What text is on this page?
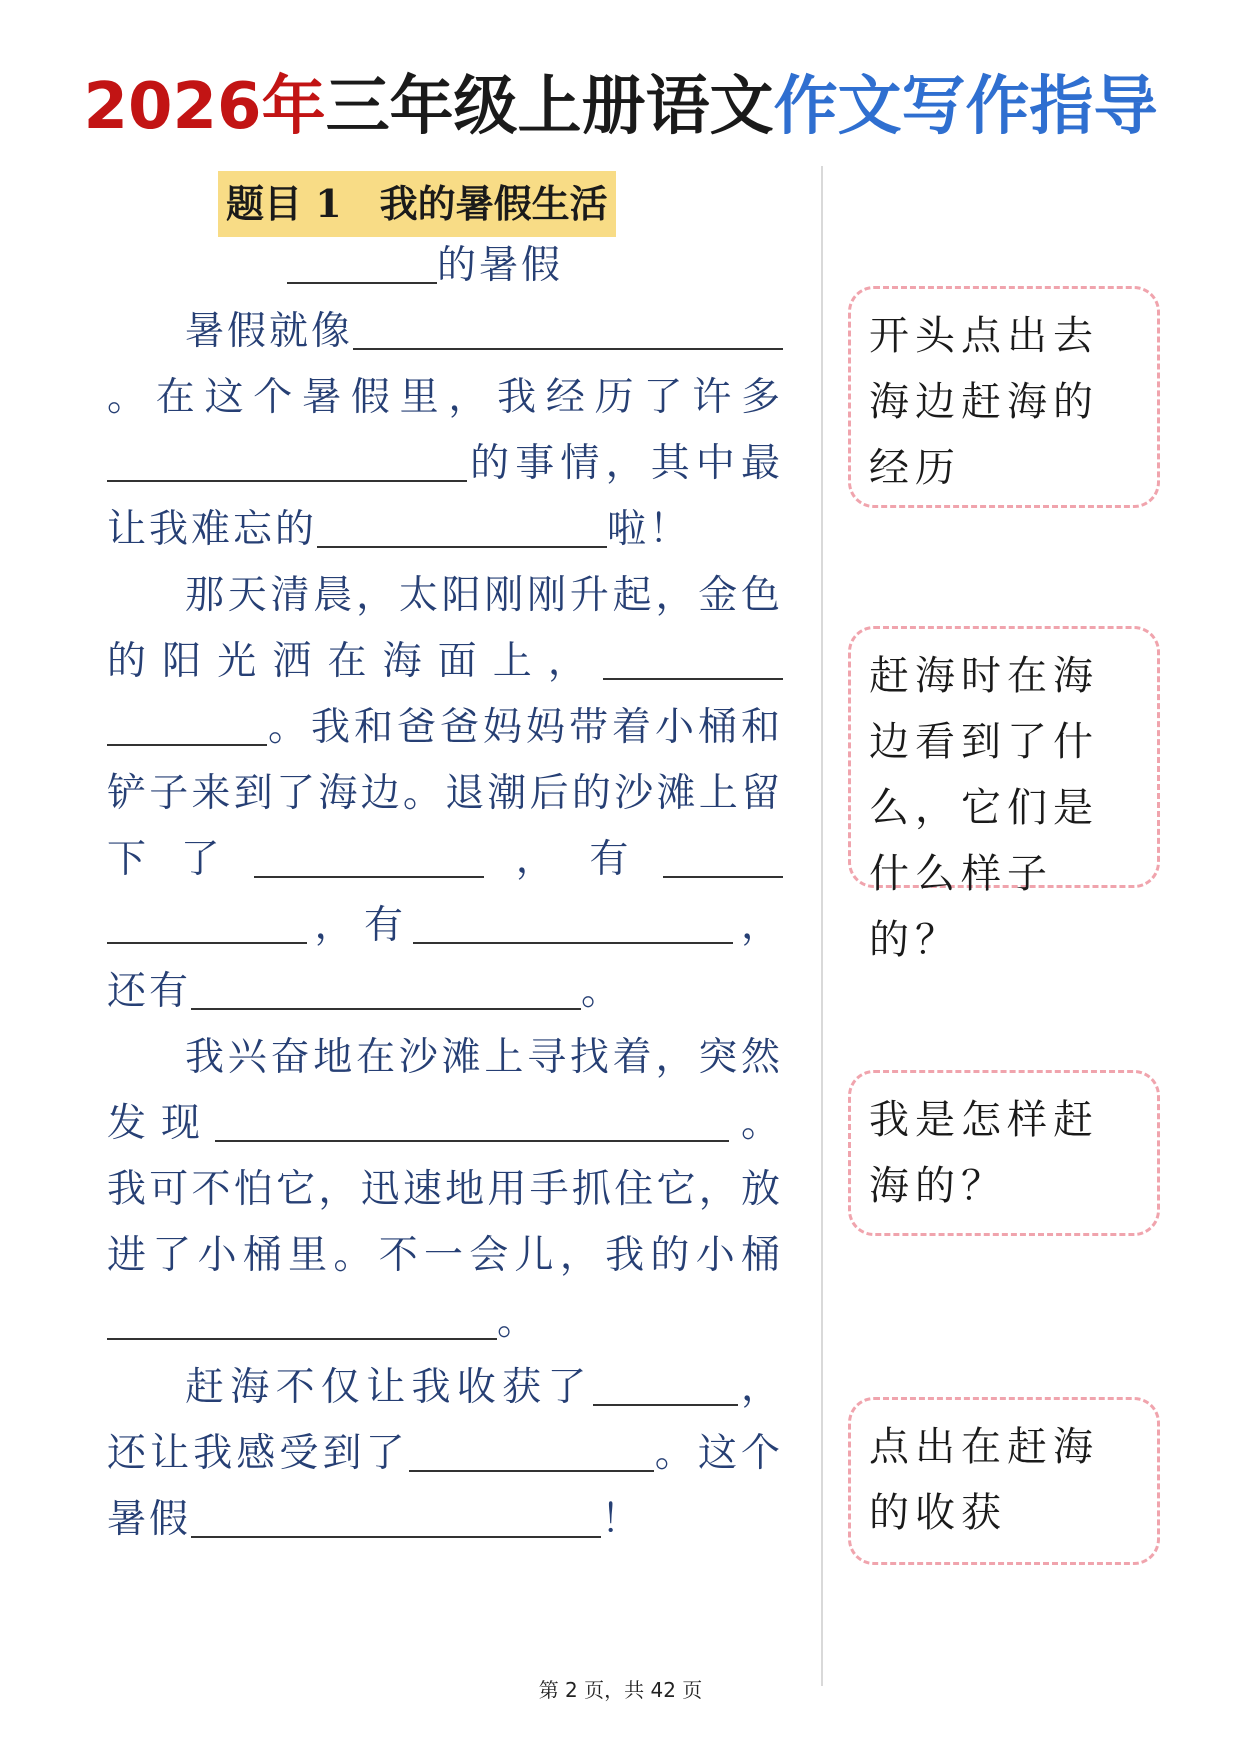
2026年三年级上册语文作文写作指导
题目 1　我的暑假生活

的暑假

暑假就像。在这个暑假里，我经历了许多的事情，其中最让我难忘的	啦！

那天清晨，太阳刚刚升起，金色的阳光洒在海面上，。我和爸爸妈妈带着小桶和铲子来到了海边。退潮后的沙滩上留下了	，有，有	，还有	。

我兴奋地在沙滩上寻找着，突然发现	。我可不怕它，迅速地用手抓住它，放进了小桶里。不一会儿，我的小桶。

赶海不仅让我收获了	，还让我感受到了	。这个暑假	！

开头点出去海边赶海的经历
赶海时在海边看到了什么，它们是什么样子的？
我是怎样赶海的？
点出在赶海的收获
第 2 页，共 42 页
